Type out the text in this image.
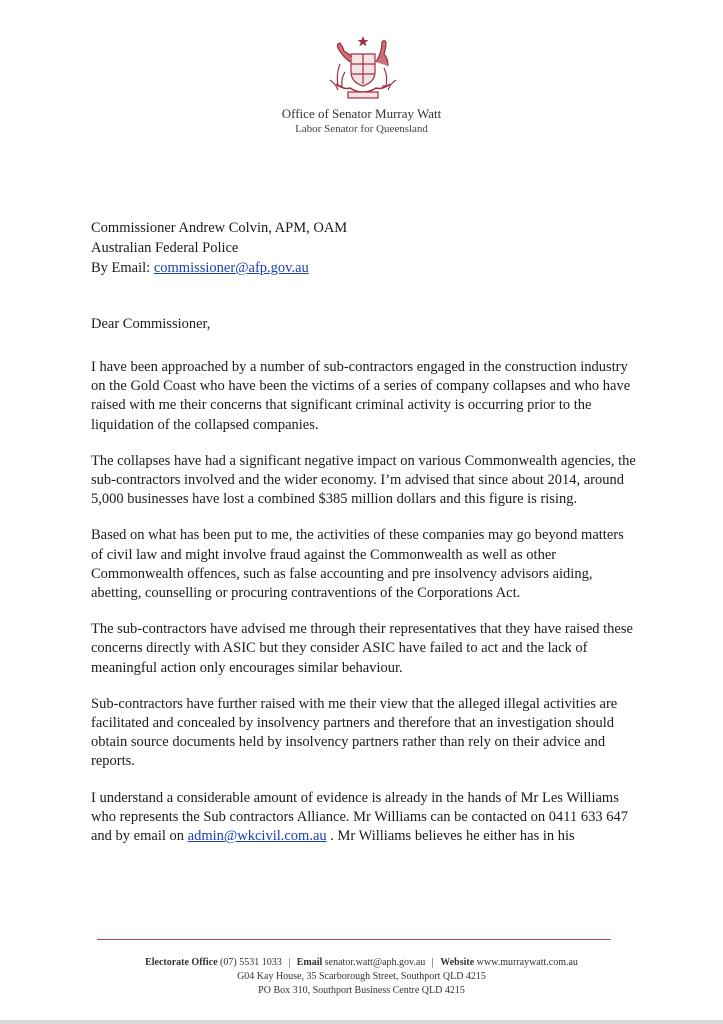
Office of Senator Murray Watt
Labor Senator for Queensland
Commissioner Andrew Colvin, APM, OAM
Australian Federal Police
By Email: commissioner@afp.gov.au
Dear Commissioner,

I have been approached by a number of sub-contractors engaged in the construction industry on the Gold Coast who have been the victims of a series of company collapses and who have raised with me their concerns that significant criminal activity is occurring prior to the liquidation of the collapsed companies.

The collapses have had a significant negative impact on various Commonwealth agencies, the sub-contractors involved and the wider economy. I’m advised that since about 2014, around 5,000 businesses have lost a combined $385 million dollars and this figure is rising.

Based on what has been put to me, the activities of these companies may go beyond matters of civil law and might involve fraud against the Commonwealth as well as other Commonwealth offences, such as false accounting and pre insolvency advisors aiding, abetting, counselling or procuring contraventions of the Corporations Act.

The sub-contractors have advised me through their representatives that they have raised these concerns directly with ASIC but they consider ASIC have failed to act and the lack of meaningful action only encourages similar behaviour.

Sub-contractors have further raised with me their view that the alleged illegal activities are facilitated and concealed by insolvency partners and therefore that an investigation should obtain source documents held by insolvency partners rather than rely on their advice and reports.

I understand a considerable amount of evidence is already in the hands of Mr Les Williams who represents the Sub contractors Alliance. Mr Williams can be contacted on 0411 633 647 and by email on admin@wkcivil.com.au . Mr Williams believes he either has in his

Electorate Office (07) 5531 1033 | Email senator.watt@aph.gov.au | Website www.murraywatt.com.au
G04 Kay House, 35 Scarborough Street, Southport QLD 4215
PO Box 310, Southport Business Centre QLD 4215
